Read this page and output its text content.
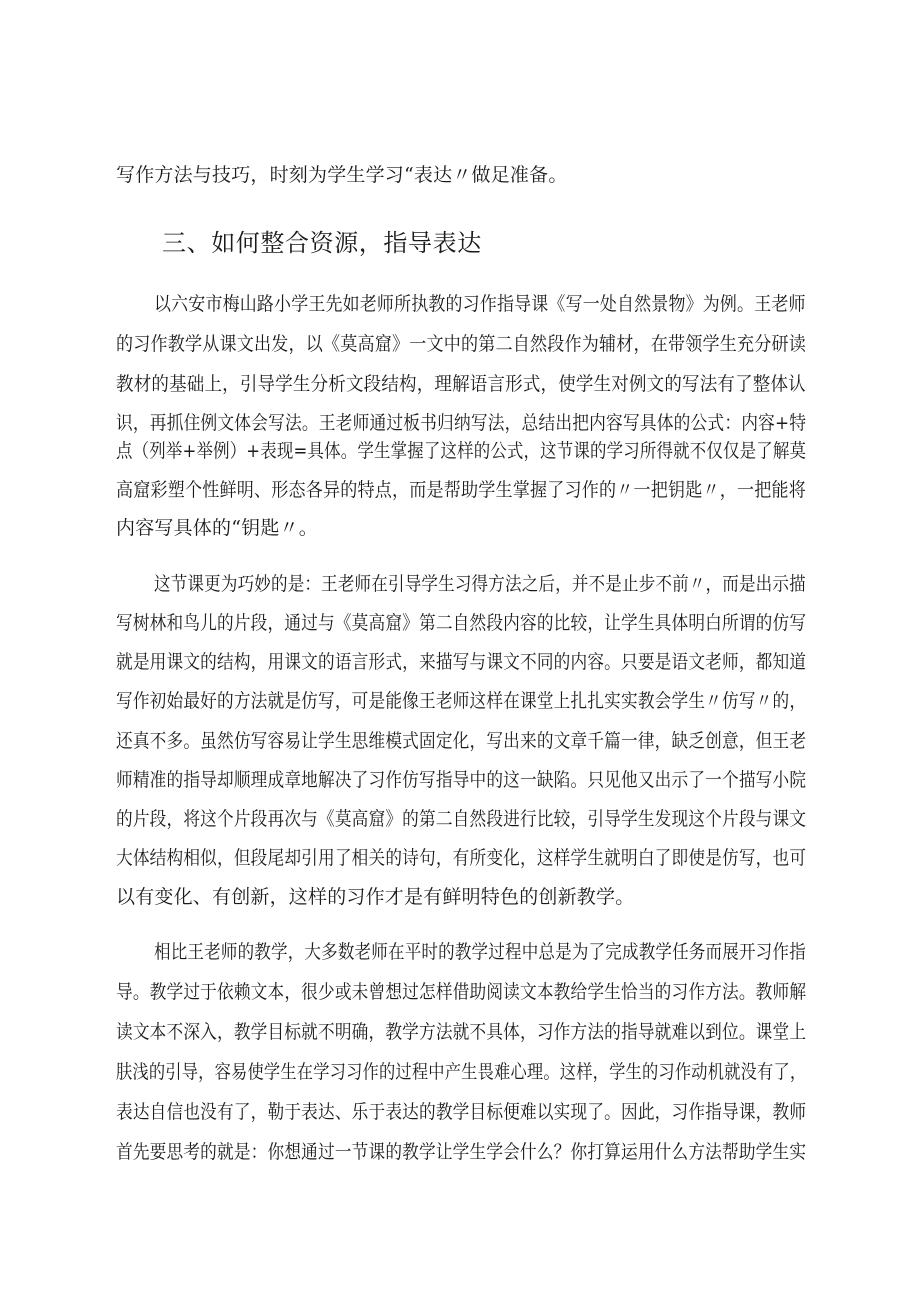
写作方法与技巧，时刻为学生学习“表达〃做足准备。
三、如何整合资源，指导表达
以六安市梅山路小学王先如老师所执教的习作指导课《写一处自然景物》为例。王老师
的习作教学从课文出发，以《莫高窟》一文中的第二自然段作为辅材，在带领学生充分研读
教材的基础上，引导学生分析文段结构，理解语言形式，使学生对例文的写法有了整体认
识，再抓住例文体会写法。王老师通过板书归纳写法，总结出把内容写具体的公式：内容+特
点（列举+举例）+表现=具体。学生掌握了这样的公式，这节课的学习所得就不仅仅是了解莫
高窟彩塑个性鲜明、形态各异的特点，而是帮助学生掌握了习作的〃一把钥匙〃，一把能将
内容写具体的“钥匙〃。
这节课更为巧妙的是：王老师在引导学生习得方法之后，并不是止步不前〃，而是出示描
写树林和鸟儿的片段，通过与《莫高窟》第二自然段内容的比较，让学生具体明白所谓的仿写
就是用课文的结构，用课文的语言形式，来描写与课文不同的内容。只要是语文老师，都知道
写作初始最好的方法就是仿写，可是能像王老师这样在课堂上扎扎实实教会学生〃仿写〃的，
还真不多。虽然仿写容易让学生思维模式固定化，写出来的文章千篇一律，缺乏创意，但王老
师精准的指导却顺理成章地解决了习作仿写指导中的这一缺陷。只见他又出示了一个描写小院
的片段，将这个片段再次与《莫高窟》的第二自然段进行比较，引导学生发现这个片段与课文
大体结构相似，但段尾却引用了相关的诗句，有所变化，这样学生就明白了即使是仿写，也可
以有变化、有创新，这样的习作才是有鲜明特色的创新教学。
相比王老师的教学，大多数老师在平时的教学过程中总是为了完成教学任务而展开习作指
导。教学过于依赖文本，很少或未曾想过怎样借助阅读文本教给学生恰当的习作方法。教师解
读文本不深入，教学目标就不明确，教学方法就不具体，习作方法的指导就难以到位。课堂上
肤浅的引导，容易使学生在学习习作的过程中产生畏难心理。这样，学生的习作动机就没有了，
表达自信也没有了，勒于表达、乐于表达的教学目标便难以实现了。因此，习作指导课，教师
首先要思考的就是：你想通过一节课的教学让学生学会什么？你打算运用什么方法帮助学生实
